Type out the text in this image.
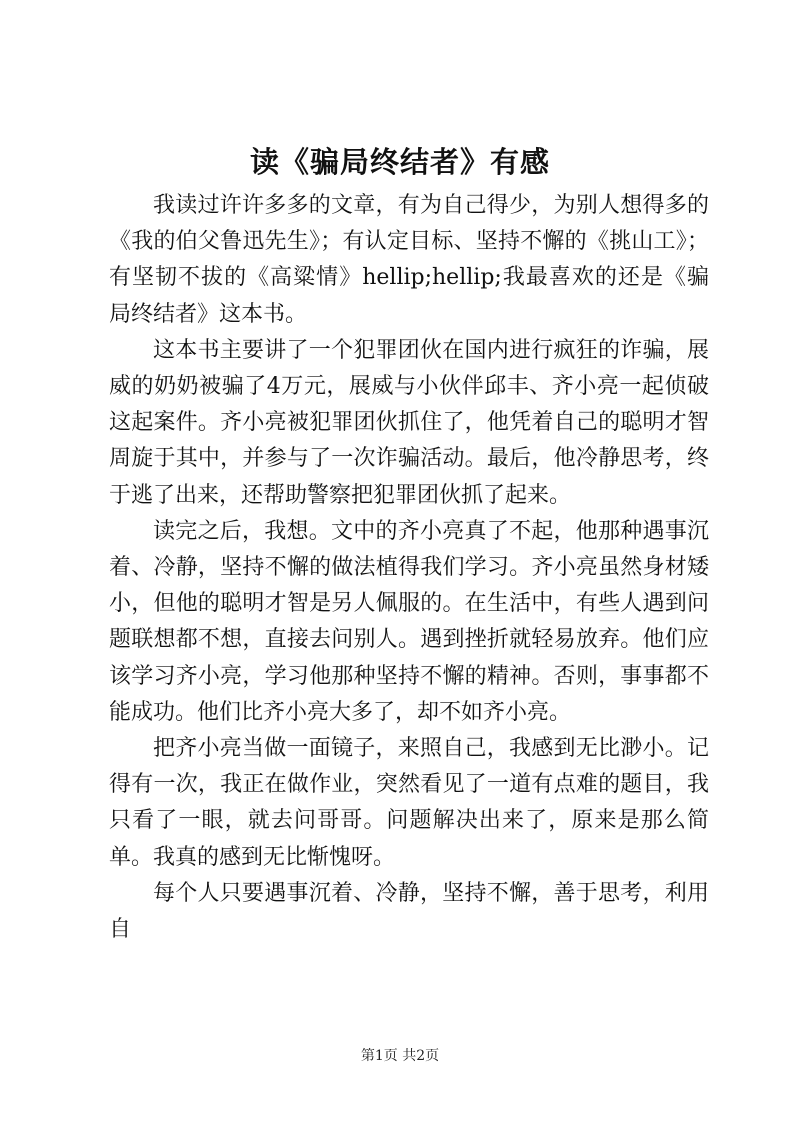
读《骗局终结者》有感

我读过许许多多的文章，有为自己得少，为别人想得多的《我的伯父鲁迅先生》；有认定目标、坚持不懈的《挑山工》；有坚韧不拔的《高粱情》hellip;hellip;我最喜欢的还是《骗局终结者》这本书。

这本书主要讲了一个犯罪团伙在国内进行疯狂的诈骗，展威的奶奶被骗了4万元，展威与小伙伴邱丰、齐小亮一起侦破这起案件。齐小亮被犯罪团伙抓住了，他凭着自己的聪明才智周旋于其中，并参与了一次诈骗活动。最后，他冷静思考，终于逃了出来，还帮助警察把犯罪团伙抓了起来。

读完之后，我想。文中的齐小亮真了不起，他那种遇事沉着、冷静，坚持不懈的做法植得我们学习。齐小亮虽然身材矮小，但他的聪明才智是另人佩服的。在生活中，有些人遇到问题联想都不想，直接去问别人。遇到挫折就轻易放弃。他们应该学习齐小亮，学习他那种坚持不懈的精神。否则，事事都不能成功。他们比齐小亮大多了，却不如齐小亮。

把齐小亮当做一面镜子，来照自己，我感到无比渺小。记得有一次，我正在做作业，突然看见了一道有点难的题目，我只看了一眼，就去问哥哥。问题解决出来了，原来是那么简单。我真的感到无比惭愧呀。

每个人只要遇事沉着、冷静，坚持不懈，善于思考，利用自

第1页 共2页
